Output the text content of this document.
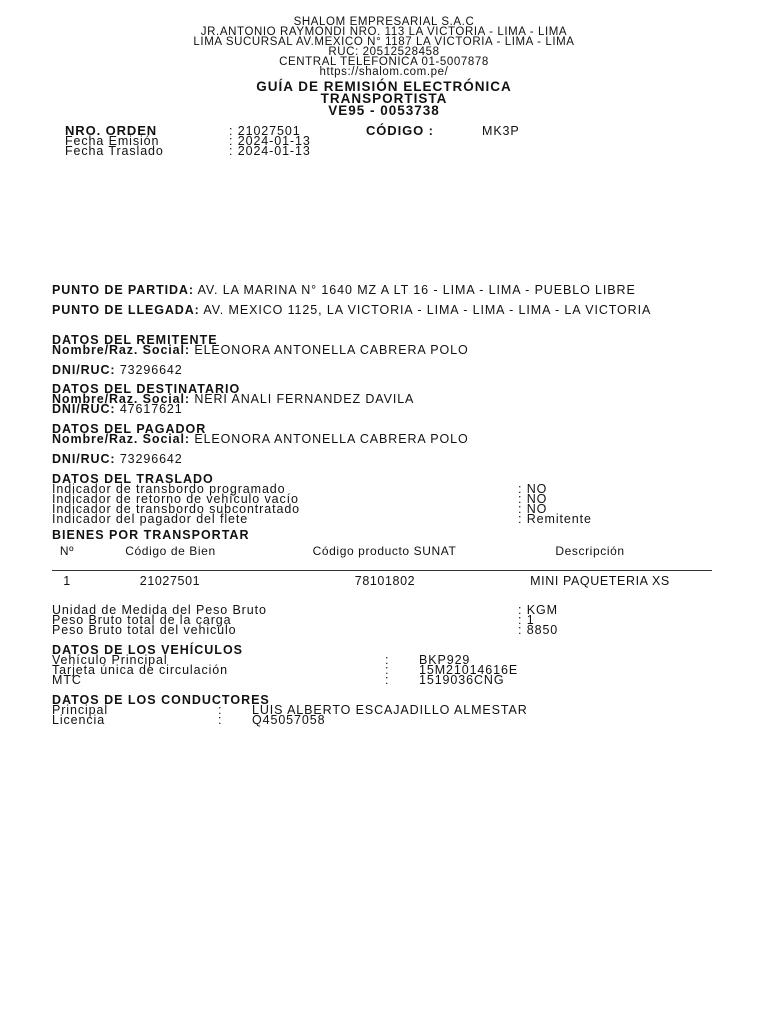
SHALOM EMPRESARIAL S.A.C
JR.ANTONIO RAYMONDI NRO. 113 LA VICTORIA - LIMA - LIMA
LIMA SUCURSAL AV.MEXICO N° 1187 LA VICTORIA - LIMA - LIMA
RUC: 20512528458
CENTRAL TELEFONICA 01-5007878
https://shalom.com.pe/
GUÍA DE REMISIÓN ELECTRÓNICA
TRANSPORTISTA
VE95 - 0053738
NRO. ORDEN	: 21027501	CÓDIGO :	MK3P
Fecha Emisión	: 2024-01-13
Fecha Traslado	: 2024-01-13
PUNTO DE PARTIDA: AV. LA MARINA N° 1640 MZ A LT 16 - LIMA - LIMA - PUEBLO LIBRE
PUNTO DE LLEGADA: AV. MEXICO 1125, LA VICTORIA - LIMA - LIMA - LIMA - LA VICTORIA
DATOS DEL REMITENTE
Nombre/Raz. Social: ELEONORA ANTONELLA CABRERA POLO
DNI/RUC: 73296642
DATOS DEL DESTINATARIO
Nombre/Raz. Social: NERI ANALI FERNANDEZ DAVILA
DNI/RUC: 47617621
DATOS DEL PAGADOR
Nombre/Raz. Social: ELEONORA ANTONELLA CABRERA POLO
DNI/RUC: 73296642
DATOS DEL TRASLADO
Indicador de transbordo programado	: NO
Indicador de retorno de vehículo vacío	: NO
Indicador de transbordo subcontratado	: NO
Indicador del pagador del flete	: Remitente
BIENES POR TRANSPORTAR
Nº	Código de Bien	Código producto SUNAT	Descripción
1	21027501	78101802	MINI PAQUETERIA XS
Unidad de Medida del Peso Bruto	: KGM
Peso Bruto total de la carga	: 1
Peso Bruto total del vehiculo	: 8850
DATOS DE LOS VEHÍCULOS
Vehículo Principal	: BKP929
Tarjeta única de circulación	: 15M21014616E
MTC	: 1519036CNG
DATOS DE LOS CONDUCTORES
Principal	: LUIS ALBERTO ESCAJADILLO ALMESTAR
Licencia	: Q45057058
